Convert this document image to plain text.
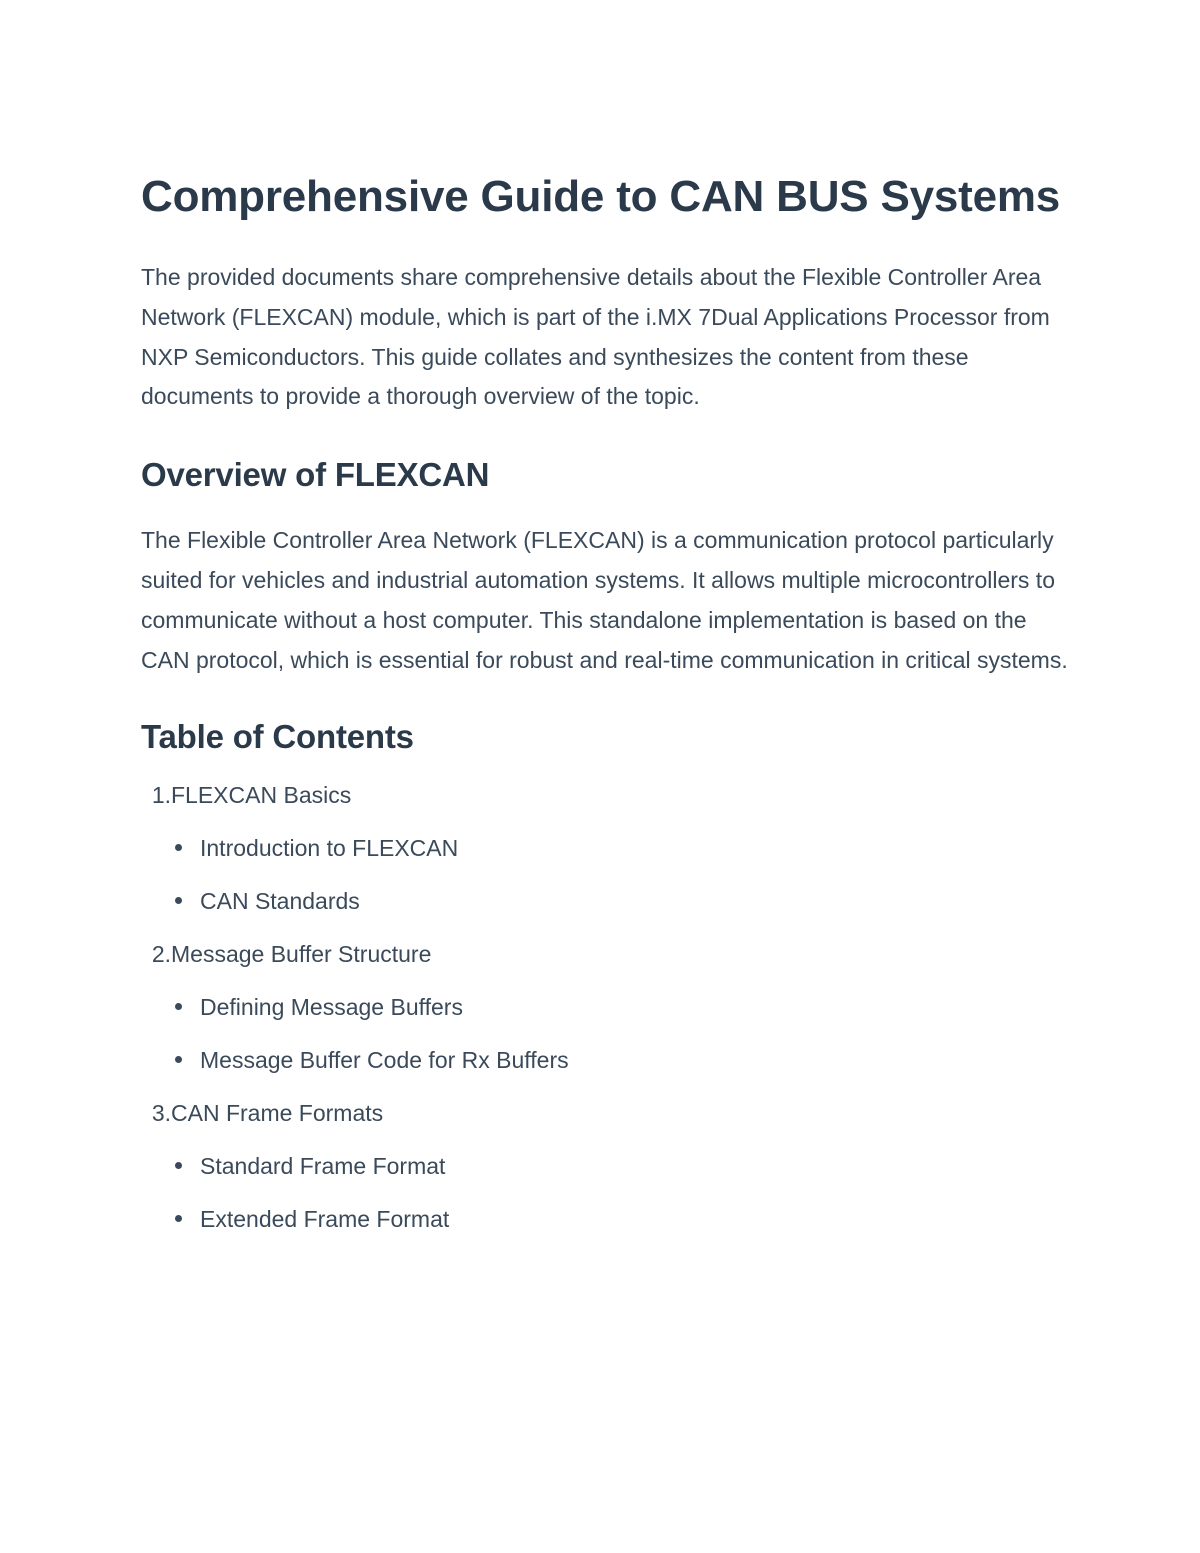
Comprehensive Guide to CAN BUS Systems

The provided documents share comprehensive details about the Flexible Controller Area Network (FLEXCAN) module, which is part of the i.MX 7Dual Applications Processor from NXP Semiconductors. This guide collates and synthesizes the content from these documents to provide a thorough overview of the topic.

Overview of FLEXCAN

The Flexible Controller Area Network (FLEXCAN) is a communication protocol particularly suited for vehicles and industrial automation systems. It allows multiple microcontrollers to communicate without a host computer. This standalone implementation is based on the CAN protocol, which is essential for robust and real-time communication in critical systems.

Table of Contents
1. FLEXCAN Basics
Introduction to FLEXCAN
CAN Standards
2. Message Buffer Structure
Defining Message Buffers
Message Buffer Code for Rx Buffers
3. CAN Frame Formats
Standard Frame Format
Extended Frame Format
